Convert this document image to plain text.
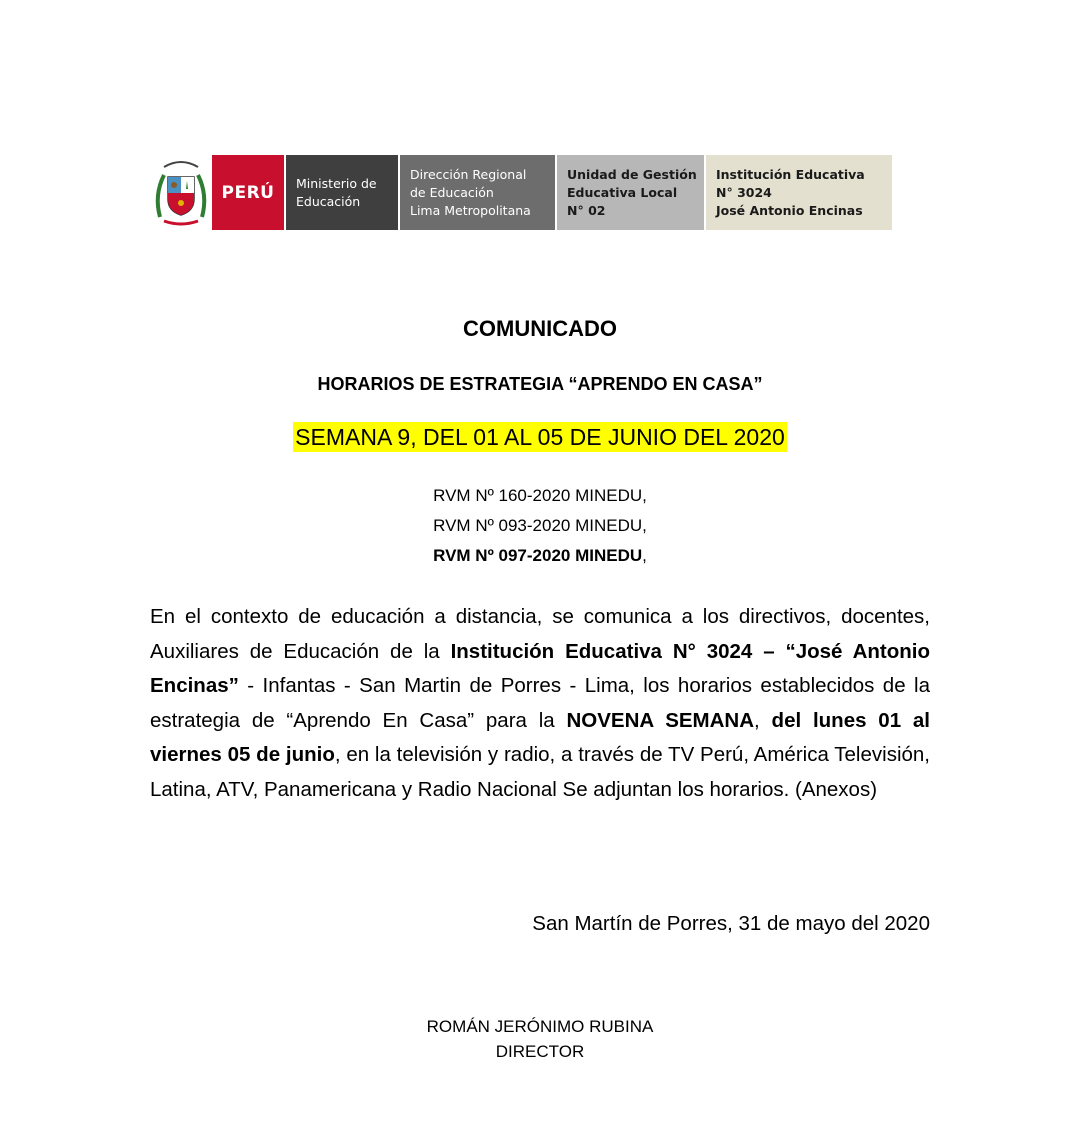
PERÚ	Ministerio de
Educación
Dirección Regional
de Educación
Lima Metropolitana
Unidad de Gestión
Educativa Local
N° 02
Institución Educativa
N° 3024
José Antonio Encinas
COMUNICADO
HORARIOS DE ESTRATEGIA “APRENDO EN CASA”
SEMANA 9, DEL 01 AL 05 DE JUNIO DEL 2020
RVM Nº 160-2020 MINEDU,
RVM Nº 093-2020 MINEDU,
RVM Nº 097-2020 MINEDU,
En el contexto de educación a distancia, se comunica a los directivos, docentes, Auxiliares de Educación de la Institución Educativa N° 3024 – “José Antonio Encinas” - Infantas - San Martin de Porres - Lima, los horarios establecidos de la estrategia de “Aprendo En Casa” para la NOVENA SEMANA, del lunes 01 al viernes 05 de junio, en la televisión y radio, a través de TV Perú, América Televisión, Latina, ATV, Panamericana y Radio Nacional Se adjuntan los horarios. (Anexos)
San Martín de Porres, 31 de mayo del 2020
ROMÁN JERÓNIMO RUBINA
DIRECTOR
